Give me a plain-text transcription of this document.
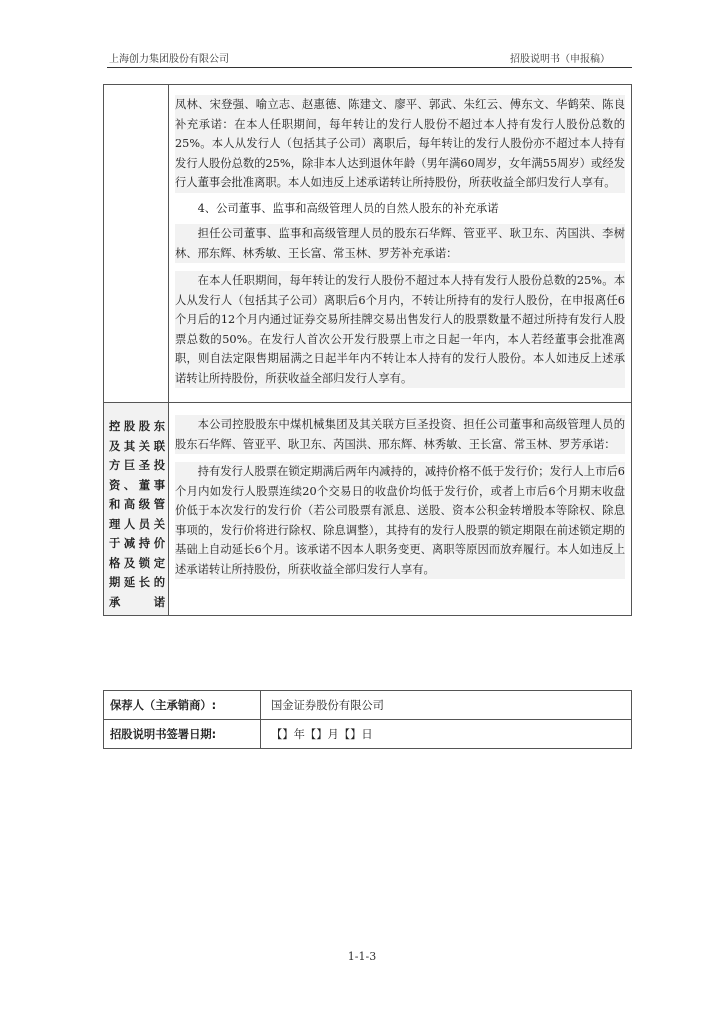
上海创力集团股份有限公司	招股说明书（申报稿）

	凤林、宋登强、喻立志、赵惠德、陈建文、廖平、郭武、朱红云、傅东文、华鹤荣、陈良补充承诺：在本人任职期间，每年转让的发行人股份不超过本人持有发行人股份总数的25%。本人从发行人（包括其子公司）离职后，每年转让的发行人股份亦不超过本人持有发行人股份总数的25%，除非本人达到退休年龄（男年满60周岁，女年满55周岁）或经发行人董事会批准离职。本人如违反上述承诺转让所持股份，所获收益全部归发行人享有。

4、公司董事、监事和高级管理人员的自然人股东的补充承诺

担任公司董事、监事和高级管理人员的股东石华辉、管亚平、耿卫东、芮国洪、李树林、邢东辉、林秀敏、王长富、常玉林、罗芳补充承诺：

在本人任职期间，每年转让的发行人股份不超过本人持有发行人股份总数的25%。本人从发行人（包括其子公司）离职后6个月内，不转让所持有的发行人股份，在申报离任6个月后的12个月内通过证券交易所挂牌交易出售发行人的股票数量不超过所持有发行人股票总数的50%。在发行人首次公开发行股票上市之日起一年内，本人若经董事会批准离职，则自法定限售期届满之日起半年内不转让本人持有的发行人股份。本人如违反上述承诺转让所持股份，所获收益全部归发行人享有。

控股股东及其关联方巨圣投资、董事和高级管理人员关于减持价格及锁定期延长的承诺	本公司控股股东中煤机械集团及其关联方巨圣投资、担任公司董事和高级管理人员的股东石华辉、管亚平、耿卫东、芮国洪、邢东辉、林秀敏、王长富、常玉林、罗芳承诺：

持有发行人股票在锁定期满后两年内减持的，减持价格不低于发行价；发行人上市后6个月内如发行人股票连续20个交易日的收盘价均低于发行价，或者上市后6个月期末收盘价低于本次发行的发行价（若公司股票有派息、送股、资本公积金转增股本等除权、除息事项的，发行价将进行除权、除息调整），其持有的发行人股票的锁定期限在前述锁定期的基础上自动延长6个月。该承诺不因本人职务变更、离职等原因而放弃履行。本人如违反上述承诺转让所持股份，所获收益全部归发行人享有。

保荐人（主承销商）:	国金证券股份有限公司
招股说明书签署日期:	【】年【】月【】日
1-1-3
